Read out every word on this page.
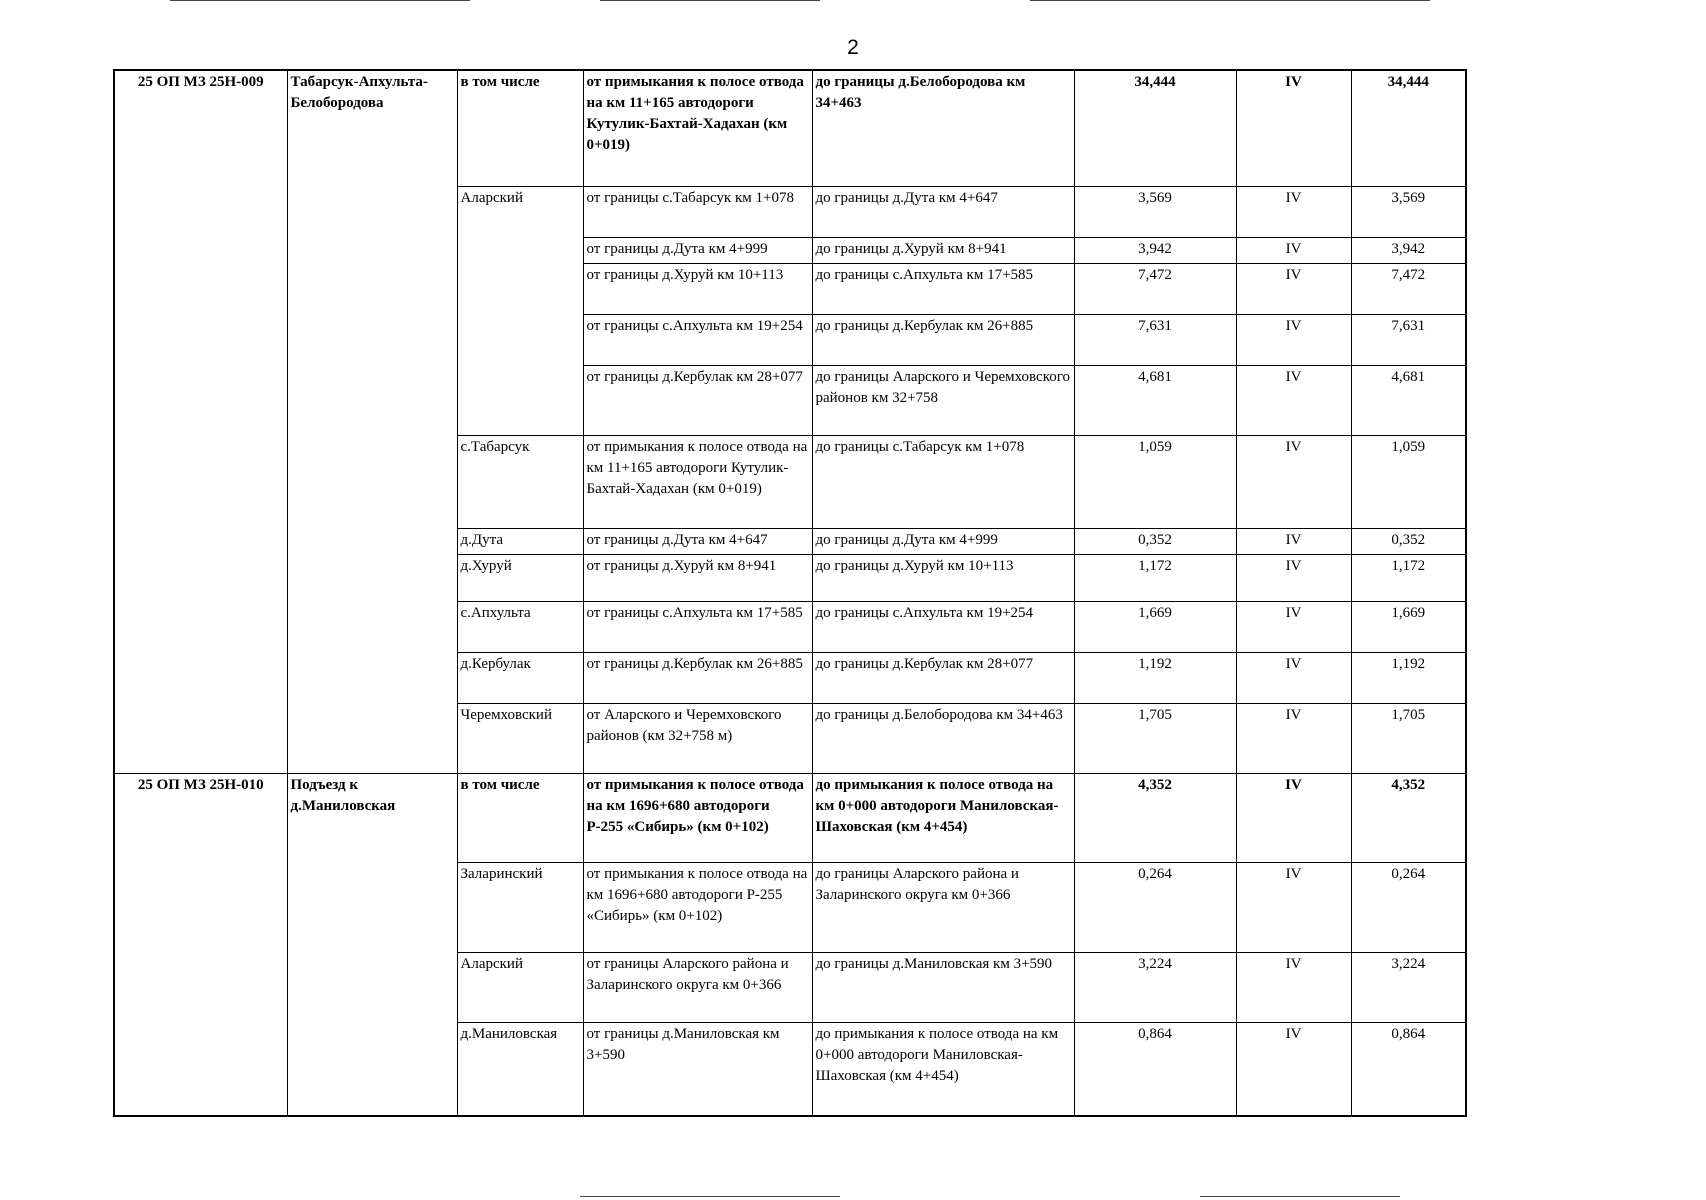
2
25 ОП МЗ 25Н-009	Табарсук-Апхульта-Белобородова	в том числе	от примыкания к полосе отвода на км 11+165 автодороги Кутулик-Бахтай-Хадахан (км 0+019)	до границы д.Белобородова км 34+463	34,444	IV	34,444
		Аларский	от границы с.Табарсук км 1+078	до границы д.Дута км 4+647	3,569	IV	3,569
			от границы д.Дута км 4+999	до границы д.Хуруй км 8+941	3,942	IV	3,942
			от границы д.Хуруй км 10+113	до границы с.Апхульта км 17+585	7,472	IV	7,472
			от границы с.Апхульта км 19+254	до границы д.Кербулак км 26+885	7,631	IV	7,631
			от границы д.Кербулак км 28+077	до границы Аларского и Черемховского районов км 32+758	4,681	IV	4,681
		с.Табарсук	от примыкания к полосе отвода на км 11+165 автодороги Кутулик-Бахтай-Хадахан (км 0+019)	до границы с.Табарсук км 1+078	1,059	IV	1,059
		д.Дута	от границы д.Дута км 4+647	до границы д.Дута км 4+999	0,352	IV	0,352
		д.Хуруй	от границы д.Хуруй км 8+941	до границы д.Хуруй км 10+113	1,172	IV	1,172
		с.Апхульта	от границы с.Апхульта км 17+585	до границы с.Апхульта км 19+254	1,669	IV	1,669
		д.Кербулак	от границы д.Кербулак км 26+885	до границы д.Кербулак км 28+077	1,192	IV	1,192
		Черемховский	от Аларского и Черемховского районов (км 32+758 м)	до границы д.Белобородова км 34+463	1,705	IV	1,705
25 ОП МЗ 25Н-010	Подъезд к д.Маниловская	в том числе	от примыкания к полосе отвода на км 1696+680 автодороги Р-255 «Сибирь» (км 0+102)	до примыкания к полосе отвода на км 0+000 автодороги Маниловская-Шаховская (км 4+454)	4,352	IV	4,352
		Заларинский	от примыкания к полосе отвода на км 1696+680 автодороги Р-255 «Сибирь» (км 0+102)	до границы Аларского района и Заларинского округа км 0+366	0,264	IV	0,264
		Аларский	от границы Аларского района и Заларинского округа км 0+366	до границы д.Маниловская км 3+590	3,224	IV	3,224
		д.Маниловская	от границы д.Маниловская км 3+590	до примыкания к полосе отвода на км 0+000 автодороги Маниловская-Шаховская (км 4+454)	0,864	IV	0,864
